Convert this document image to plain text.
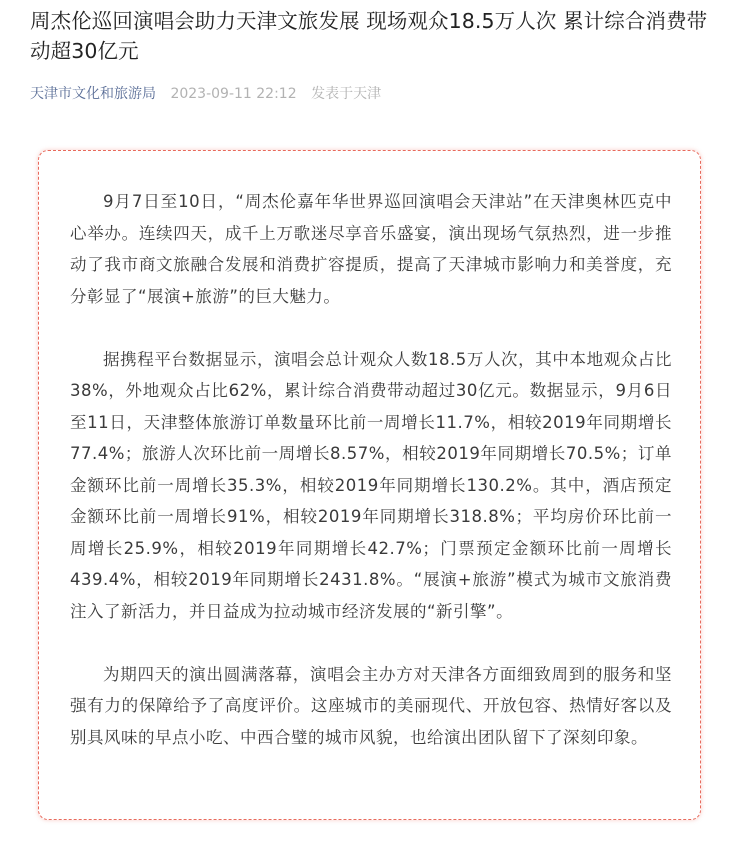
周杰伦巡回演唱会助力天津文旅发展 现场观众18.5万人次 累计综合消费带动超30亿元
天津市文化和旅游局 2023-09-11 22:12 发表于天津

9月7日至10日，“周杰伦嘉年华世界巡回演唱会天津站”在天津奥林匹克中心举办。连续四天，成千上万歌迷尽享音乐盛宴，演出现场气氛热烈，进一步推动了我市商文旅融合发展和消费扩容提质，提高了天津城市影响力和美誉度，充分彰显了“展演+旅游”的巨大魅力。

据携程平台数据显示，演唱会总计观众人数18.5万人次，其中本地观众占比38%，外地观众占比62%，累计综合消费带动超过30亿元。数据显示，9月6日至11日，天津整体旅游订单数量环比前一周增长11.7%，相较2019年同期增长77.4%；旅游人次环比前一周增长8.57%，相较2019年同期增长70.5%；订单金额环比前一周增长35.3%，相较2019年同期增长130.2%。其中，酒店预定金额环比前一周增长91%，相较2019年同期增长318.8%；平均房价环比前一周增长25.9%，相较2019年同期增长42.7%；门票预定金额环比前一周增长439.4%，相较2019年同期增长2431.8%。“展演+旅游”模式为城市文旅消费注入了新活力，并日益成为拉动城市经济发展的“新引擎”。

为期四天的演出圆满落幕，演唱会主办方对天津各方面细致周到的服务和坚强有力的保障给予了高度评价。这座城市的美丽现代、开放包容、热情好客以及别具风味的早点小吃、中西合璧的城市风貌，也给演出团队留下了深刻印象。
